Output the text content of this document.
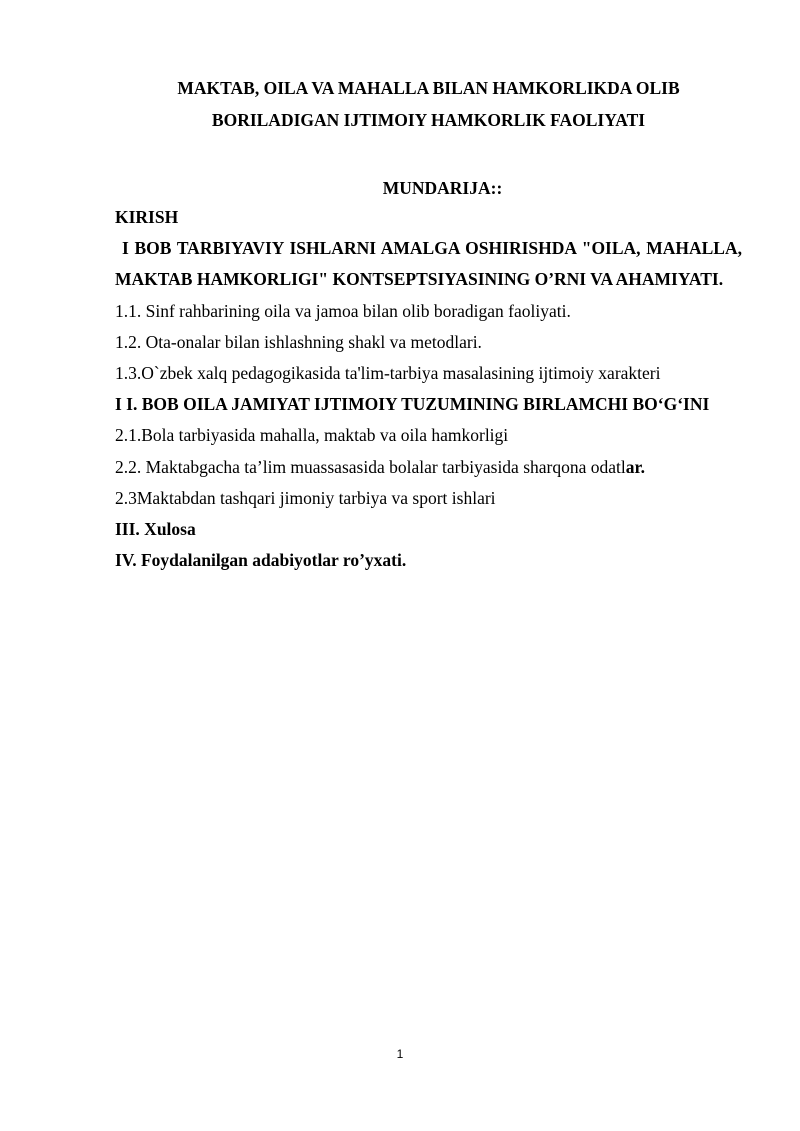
MAKTAB, OILA VA MAHALLA BILAN HAMKORLIKDA OLIB
BORILADIGAN IJTIMOIY HAMKORLIK FAOLIYATI
MUNDARIJA::
KIRISH
I BOB TARBIYAVIY ISHLARNI AMALGA OSHIRISHDA "OILA, MAHALLA, MAKTAB HAMKORLIGI" KONTSEPTSIYASINING O’RNI VA AHAMIYATI.
1.1. Sinf rahbarining oila va jamoa bilan olib boradigan faoliyati.
1.2. Ota-onalar bilan ishlashning shakl va metodlari.
1.3.O`zbek xalq pedagogikasida ta'lim-tarbiya masalasining ijtimoiy xarakteri
I I. BOB OILA JAMIYAT IJTIMOIY TUZUMINING BIRLAMCHI BO‘G‘INI
2.1.Bola tarbiyasida mahalla, maktab va oila hamkorligi
2.2. Maktabgacha ta’lim muassasasida bolalar tarbiyasida sharqona odatlar.
2.3Maktabdan tashqari jimoniy tarbiya va sport ishlari
III. Xulosa
IV. Foydalanilgan adabiyotlar ro’yxati.
1
